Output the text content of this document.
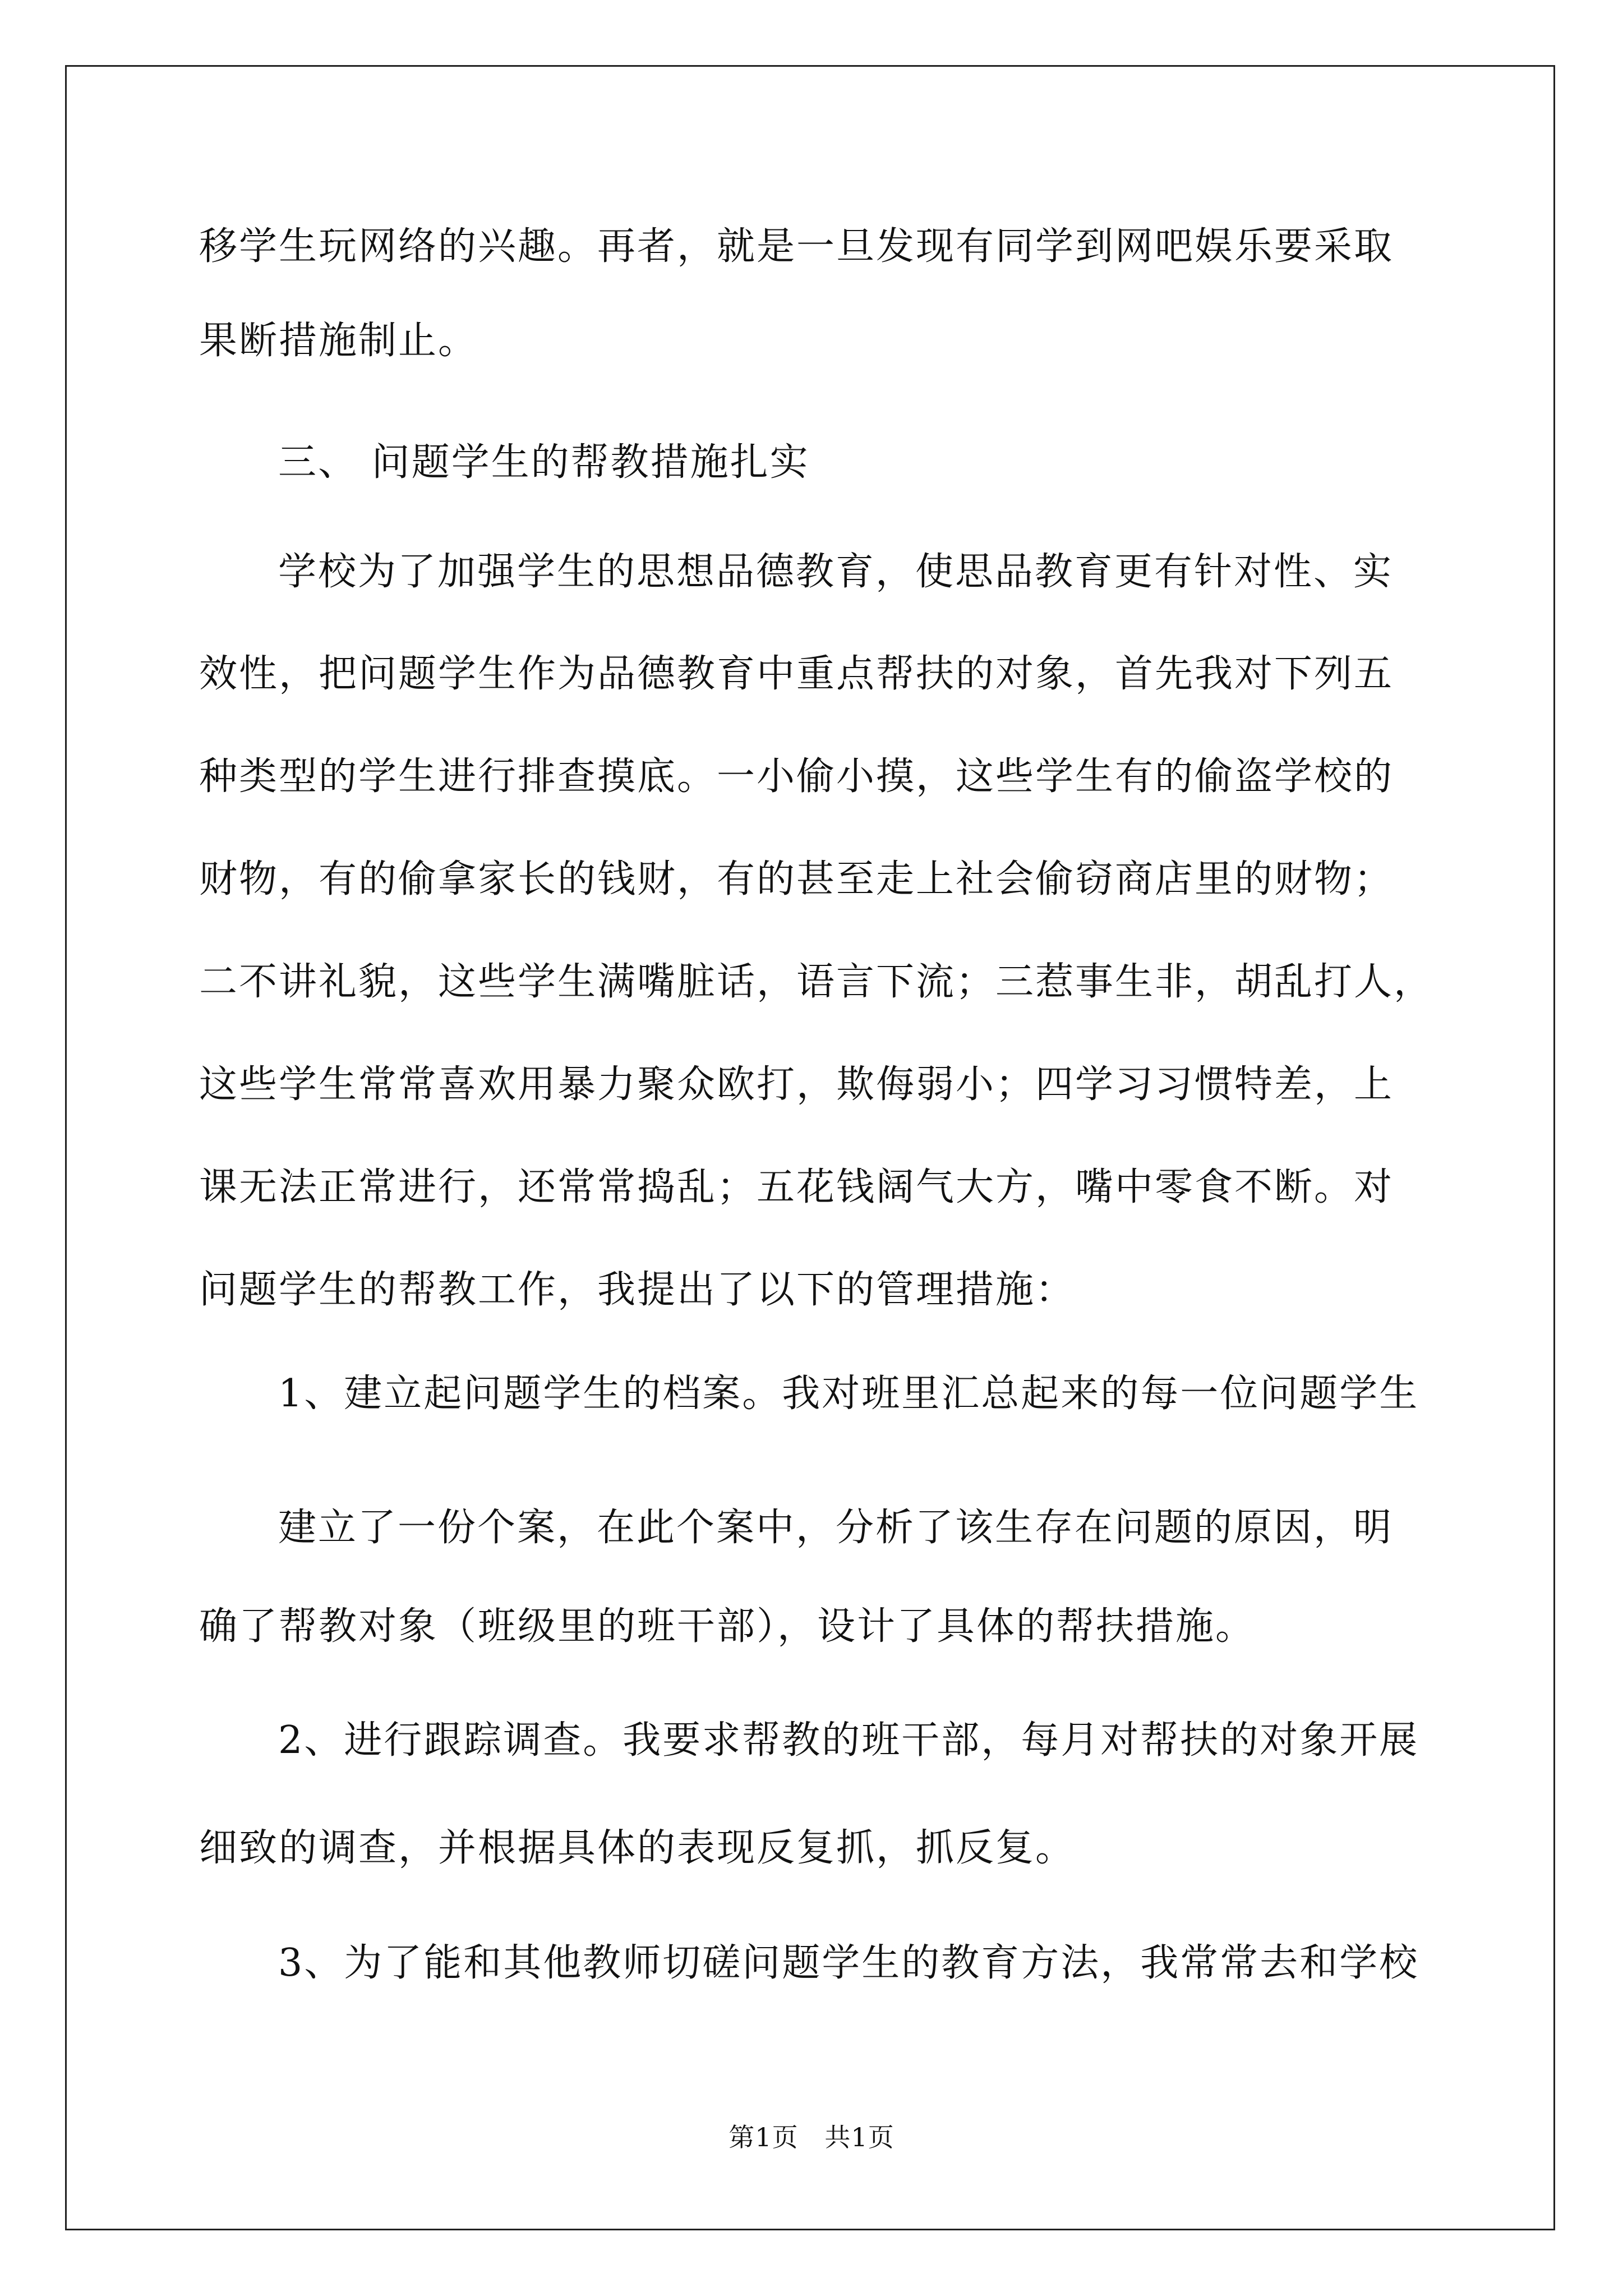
移学生玩网络的兴趣。再者，就是一旦发现有同学到网吧娱乐要采取
果断措施制止。
三、 问题学生的帮教措施扎实
学校为了加强学生的思想品德教育，使思品教育更有针对性、实
效性，把问题学生作为品德教育中重点帮扶的对象，首先我对下列五
种类型的学生进行排查摸底。一小偷小摸，这些学生有的偷盗学校的
财物，有的偷拿家长的钱财，有的甚至走上社会偷窃商店里的财物；
二不讲礼貌，这些学生满嘴脏话，语言下流；三惹事生非，胡乱打人，
这些学生常常喜欢用暴力聚众欧打，欺侮弱小；四学习习惯特差，上
课无法正常进行，还常常捣乱；五花钱阔气大方，嘴中零食不断。对
问题学生的帮教工作，我提出了以下的管理措施：
1、建立起问题学生的档案。我对班里汇总起来的每一位问题学生
建立了一份个案，在此个案中，分析了该生存在问题的原因，明
确了帮教对象（班级里的班干部），设计了具体的帮扶措施。
2、进行跟踪调查。我要求帮教的班干部，每月对帮扶的对象开展
细致的调查，并根据具体的表现反复抓，抓反复。
3、为了能和其他教师切磋问题学生的教育方法，我常常去和学校
第1页   共1页
